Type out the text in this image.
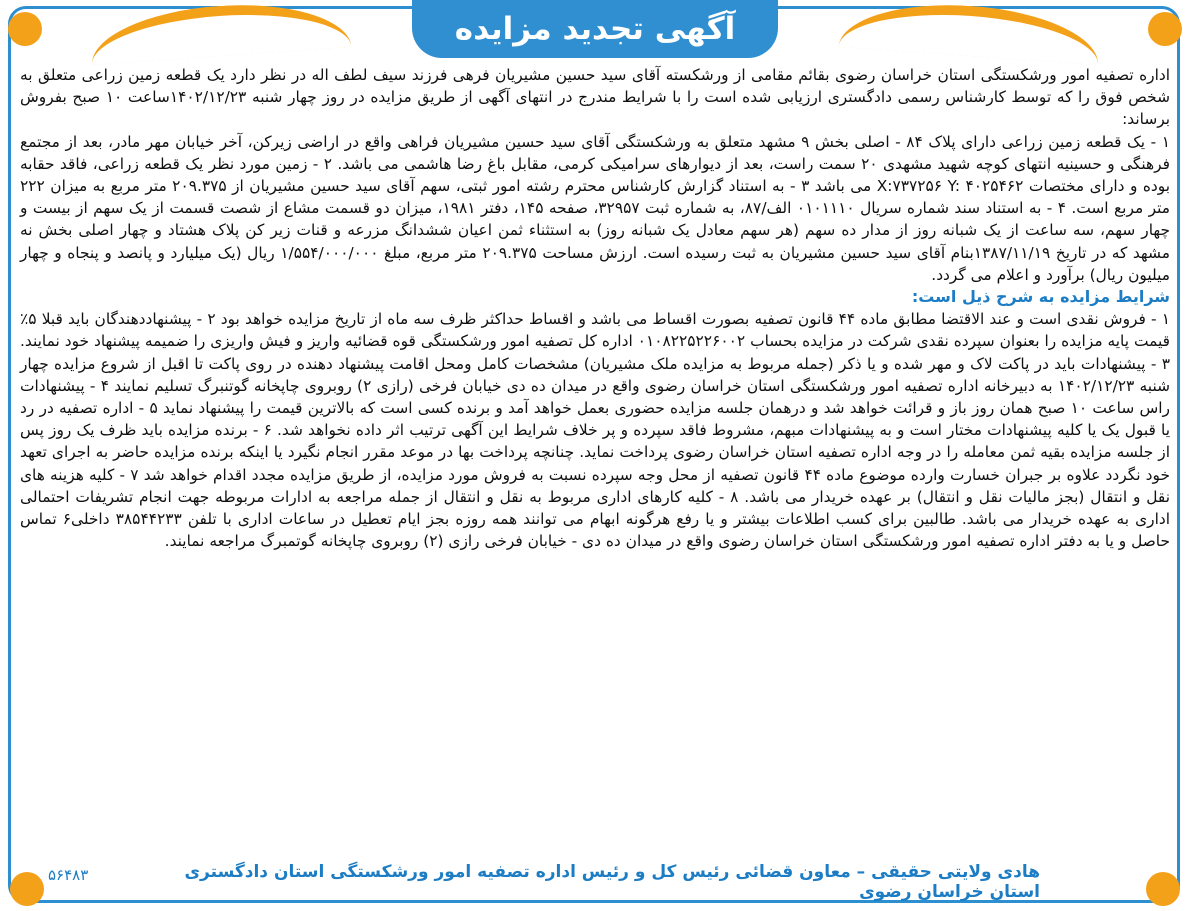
آگهی تجدید مزایده

اداره تصفیه امور ورشکستگی استان خراسان رضوی بقائم مقامی از ورشکسته آقای سید حسین مشیریان فرهی فرزند سیف لطف اله در نظر دارد یک قطعه زمین زراعی متعلق به شخص فوق را که توسط کارشناس رسمی دادگستری ارزیابی شده است را با شرایط مندرج در انتهای آگهی از طریق مزایده در روز چهار شنبه ۱۴۰۲/۱۲/۲۳ساعت ۱۰ صبح بفروش برساند:

۱ - یک قطعه زمین زراعی دارای پلاک ۸۴ - اصلی بخش ۹ مشهد متعلق به ورشکستگی آقای سید حسین مشیریان فراهی واقع در اراضی زیرکن، آخر خیابان مهر مادر، بعد از مجتمع فرهنگی و حسینیه انتهای کوچه شهید مشهدی ۲۰ سمت راست، بعد از دیوارهای سرامیکی کرمی، مقابل باغ رضا هاشمی می باشد. ۲ - زمین مورد نظر یک قطعه زراعی، فاقد حقابه بوده و دارای مختصات X:۷۳۷۲۵۶ Y: ۴۰۲۵۴۶۲ می باشد ۳ - به استناد گزارش کارشناس محترم رشته امور ثبتی، سهم آقای سید حسین مشیریان از ۲۰۹.۳۷۵ متر مربع به میزان ۲۲۲ متر مربع است. ۴ - به استناد سند شماره سریال ۰۱۰۱۱۱۰ الف/۸۷، به شماره ثبت ۳۲۹۵۷، صفحه ۱۴۵، دفتر ۱۹۸۱، میزان دو قسمت مشاع از شصت قسمت از یک سهم از بیست و چهار سهم، سه ساعت از یک شبانه روز از مدار ده سهم (هر سهم معادل یک شبانه روز) به استثناء ثمن اعیان ششدانگ مزرعه و قنات زیر کن پلاک هشتاد و چهار اصلی بخش نه مشهد که در تاریخ ۱۳۸۷/۱۱/۱۹بنام آقای سید حسین مشیریان به ثبت رسیده است. ارزش مساحت ۲۰۹.۳۷۵ متر مربع، مبلغ ۱/۵۵۴/۰۰۰/۰۰۰ ریال (یک میلیارد و پانصد و پنجاه و چهار میلیون ریال) برآورد و اعلام می گردد.

شرایط مزایده به شرح ذیل است:

۱ - فروش نقدی است و عند الاقتضا مطابق ماده ۴۴ قانون تصفیه بصورت اقساط می باشد و اقساط حداکثر ظرف سه ماه از تاریخ مزایده خواهد بود ۲ - پیشنهاددهندگان باید قبلا ۵٪ قیمت پایه مزایده را بعنوان سپرده نقدی شرکت در مزایده بحساب ۰۱۰۸۲۲۵۲۲۶۰۰۲ اداره کل تصفیه امور ورشکستگی قوه قضائیه واریز و فیش واریزی را ضمیمه پیشنهاد خود نمایند. ۳ - پیشنهادات باید در پاکت لاک و مهر شده و یا ذکر (جمله مربوط به مزایده ملک مشیریان) مشخصات کامل ومحل اقامت پیشنهاد دهنده در روی پاکت تا اقبل از شروع مزایده چهار شنبه ۱۴۰۲/۱۲/۲۳ به دبیرخانه اداره تصفیه امور ورشکستگی استان خراسان رضوی واقع در میدان ده دی خیابان فرخی (رازی ۲) روبروی چاپخانه گوتنبرگ تسلیم نمایند ۴ - پیشنهادات راس ساعت ۱۰ صبح همان روز باز و قرائت خواهد شد و درهمان جلسه مزایده حضوری بعمل خواهد آمد و برنده کسی است که بالاترین قیمت را پیشنهاد نماید ۵ - اداره تصفیه در رد یا قبول یک یا کلیه پیشنهادات مختار است و به پیشنهادات مبهم، مشروط فاقد سپرده و پر خلاف شرایط این آگهی ترتیب اثر داده نخواهد شد. ۶ - برنده مزایده باید ظرف یک روز پس از جلسه مزایده بقیه ثمن معامله را در وجه اداره تصفیه استان خراسان رضوی پرداخت نماید. چنانچه پرداخت بها در موعد مقرر انجام نگیرد یا اینکه برنده مزایده حاضر به اجرای تعهد خود نگردد علاوه بر جبران خسارت وارده موضوع ماده ۴۴ قانون تصفیه از محل وجه سپرده نسبت به فروش مورد مزایده، از طریق مزایده مجدد اقدام خواهد شد ۷ - کلیه هزینه های نقل و انتقال (بجز مالیات نقل و انتقال) بر عهده خریدار می باشد. ۸ - کلیه کارهای اداری مربوط به نقل و انتقال از جمله مراجعه به ادارات مربوطه جهت انجام تشریفات احتمالی اداری به عهده خریدار می باشد. طالبین برای کسب اطلاعات بیشتر و یا رفع هرگونه ابهام می توانند همه روزه بجز ایام تعطیل در ساعات اداری با تلفن ۳۸۵۴۴۲۳۳ داخلی۶ تماس حاصل و یا به دفتر اداره تصفیه امور ورشکستگی استان خراسان رضوی واقع در میدان ده دی - خیابان فرخی رازی (۲) روبروی چاپخانه گوتمبرگ مراجعه نمایند.

هادی ولایتی حقیقی – معاون قضائی رئیس کل و رئیس اداره تصفیه امور ورشکستگی استان دادگستری استان خراسان رضوی
۵۶۴۸۳
